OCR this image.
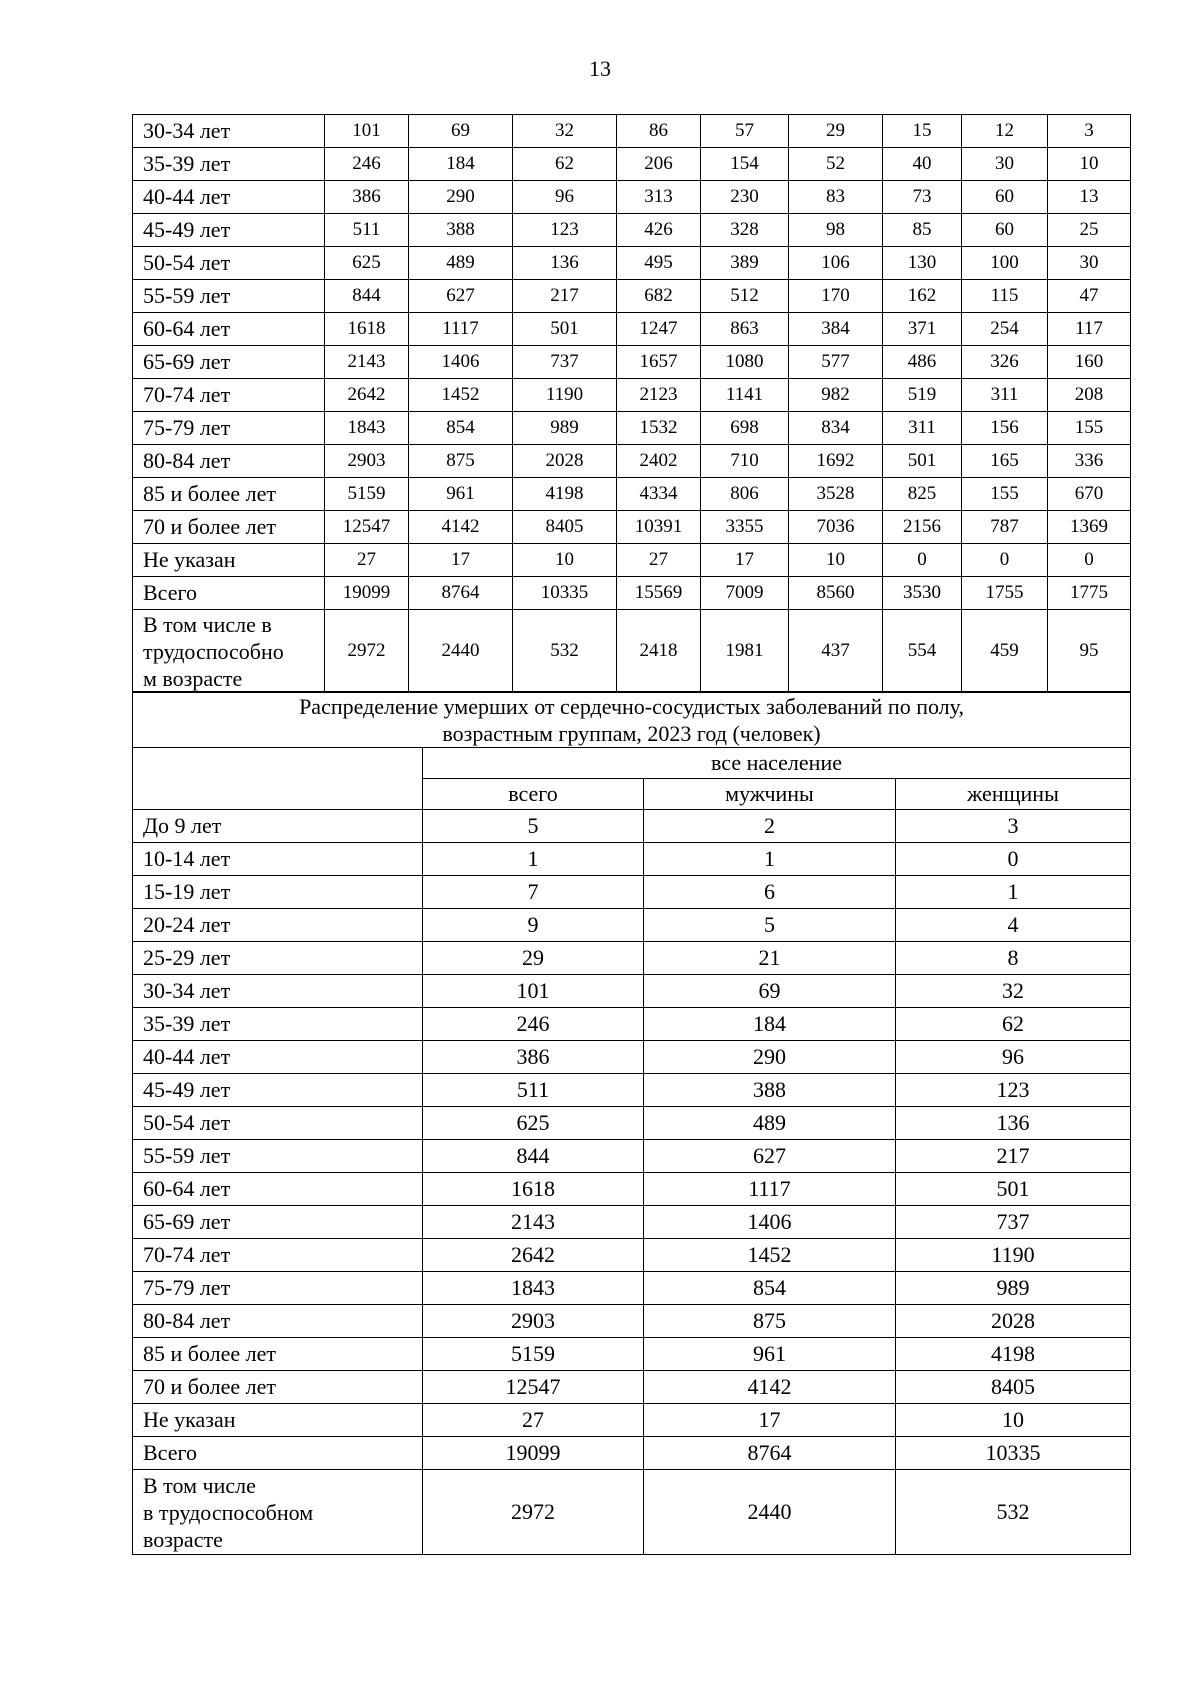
13
30-34 лет	101	69	32	86	57	29	15	12	3
35-39 лет	246	184	62	206	154	52	40	30	10
40-44 лет	386	290	96	313	230	83	73	60	13
45-49 лет	511	388	123	426	328	98	85	60	25
50-54 лет	625	489	136	495	389	106	130	100	30
55-59 лет	844	627	217	682	512	170	162	115	47
60-64 лет	1618	1117	501	1247	863	384	371	254	117
65-69 лет	2143	1406	737	1657	1080	577	486	326	160
70-74 лет	2642	1452	1190	2123	1141	982	519	311	208
75-79 лет	1843	854	989	1532	698	834	311	156	155
80-84 лет	2903	875	2028	2402	710	1692	501	165	336
85 и более лет	5159	961	4198	4334	806	3528	825	155	670
70 и более лет	12547	4142	8405	10391	3355	7036	2156	787	1369
Не указан	27	17	10	27	17	10	0	0	0
Всего	19099	8764	10335	15569	7009	8560	3530	1755	1775

В том числе в
трудоспособно
м возрасте	2972	2440	532	2418	1981	437	554	459	95
Распределение умерших от сердечно-сосудистых заболеваний по полу,
возрастным группам, 2023 год (человек)			

	все население		
	всего	мужчины	женщины
До 9 лет	5	2	3
10-14 лет	1	1	0
15-19 лет	7	6	1
20-24 лет	9	5	4
25-29 лет	29	21	8
30-34 лет	101	69	32
35-39 лет	246	184	62
40-44 лет	386	290	96
45-49 лет	511	388	123
50-54 лет	625	489	136
55-59 лет	844	627	217
60-64 лет	1618	1117	501
65-69 лет	2143	1406	737
70-74 лет	2642	1452	1190
75-79 лет	1843	854	989
80-84 лет	2903	875	2028
85 и более лет	5159	961	4198
70 и более лет	12547	4142	8405
Не указан	27	17	10
Всего	19099	8764	10335

В том числе
в трудоспособном
возрасте	2972	2440	532
